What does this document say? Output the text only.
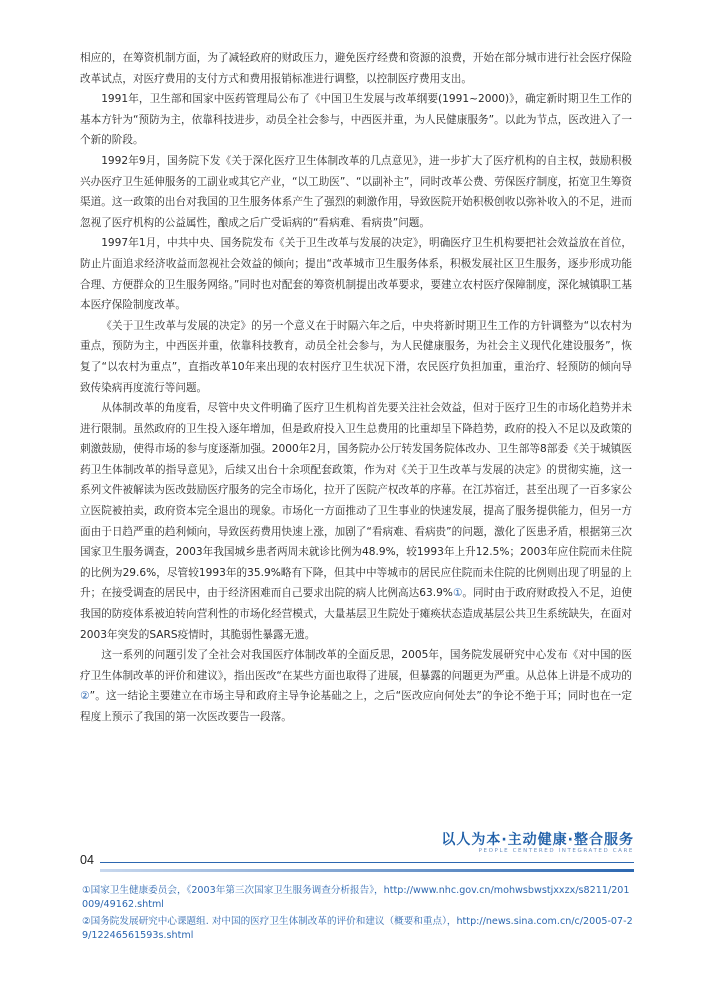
相应的，在筹资机制方面，为了减轻政府的财政压力，避免医疗经费和资源的浪费，开始在部分城市进行社会医疗保险改革试点，对医疗费用的支付方式和费用报销标准进行调整，以控制医疗费用支出。

1991年，卫生部和国家中医药管理局公布了《中国卫生发展与改革纲要(1991~2000)》，确定新时期卫生工作的基本方针为“预防为主，依靠科技进步，动员全社会参与，中西医并重，为人民健康服务”。以此为节点，医改进入了一个新的阶段。

1992年9月，国务院下发《关于深化医疗卫生体制改革的几点意见》，进一步扩大了医疗机构的自主权，鼓励积极兴办医疗卫生延伸服务的工副业或其它产业，“以工助医”、“以副补主”，同时改革公费、劳保医疗制度，拓宽卫生筹资渠道。这一政策的出台对我国的卫生服务体系产生了强烈的刺激作用，导致医院开始积极创收以弥补收入的不足，进而忽视了医疗机构的公益属性，酿成之后广受诟病的“看病难、看病贵”问题。

1997年1月，中共中央、国务院发布《关于卫生改革与发展的决定》，明确医疗卫生机构要把社会效益放在首位，防止片面追求经济收益而忽视社会效益的倾向；提出“改革城市卫生服务体系，积极发展社区卫生服务，逐步形成功能合理、方便群众的卫生服务网络。”同时也对配套的筹资机制提出改革要求，要建立农村医疗保障制度，深化城镇职工基本医疗保险制度改革。

《关于卫生改革与发展的决定》的另一个意义在于时隔六年之后，中央将新时期卫生工作的方针调整为“以农村为重点，预防为主，中西医并重，依靠科技教育，动员全社会参与，为人民健康服务，为社会主义现代化建设服务”，恢复了“以农村为重点”，直指改革10年来出现的农村医疗卫生状况下滑，农民医疗负担加重，重治疗、轻预防的倾向导致传染病再度流行等问题。

从体制改革的角度看，尽管中央文件明确了医疗卫生机构首先要关注社会效益，但对于医疗卫生的市场化趋势并未进行限制。虽然政府的卫生投入逐年增加，但是政府投入卫生总费用的比重却呈下降趋势，政府的投入不足以及政策的刺激鼓励，使得市场的参与度逐渐加强。2000年2月，国务院办公厅转发国务院体改办、卫生部等8部委《关于城镇医药卫生体制改革的指导意见》，后续又出台十余项配套政策，作为对《关于卫生改革与发展的决定》的贯彻实施，这一系列文件被解读为医改鼓励医疗服务的完全市场化，拉开了医院产权改革的序幕。在江苏宿迁，甚至出现了一百多家公立医院被拍卖，政府资本完全退出的现象。市场化一方面推动了卫生事业的快速发展，提高了服务提供能力，但另一方面由于日趋严重的趋利倾向，导致医药费用快速上涨，加剧了“看病难、看病贵”的问题，激化了医患矛盾，根据第三次国家卫生服务调查，2003年我国城乡患者两周未就诊比例为48.9%，较1993年上升12.5%；2003年应住院而未住院的比例为29.6%，尽管较1993年的35.9%略有下降，但其中中等城市的居民应住院而未住院的比例则出现了明显的上升；在接受调查的居民中，由于经济困难而自己要求出院的病人比例高达63.9%①。同时由于政府财政投入不足，迫使我国的防疫体系被迫转向营利性的市场化经营模式，大量基层卫生院处于瘫痪状态造成基层公共卫生系统缺失，在面对2003年突发的SARS疫情时，其脆弱性暴露无遗。

这一系列的问题引发了全社会对我国医疗体制改革的全面反思，2005年，国务院发展研究中心发布《对中国的医疗卫生体制改革的评价和建议》，指出医改“在某些方面也取得了进展，但暴露的问题更为严重。从总体上讲是不成功的②”。这一结论主要建立在市场主导和政府主导争论基础之上，之后“医改应向何处去”的争论不绝于耳；同时也在一定程度上预示了我国的第一次医改要告一段落。

以人为本·主动健康·整合服务
PEOPLE CENTERED INTEGRATED CARE
04

①国家卫生健康委员会，《2003年第三次国家卫生服务调查分析报告》，http://www.nhc.gov.cn/mohwsbwstjxxzx/s8211/201009/49162.shtml

②国务院发展研究中心课题组. 对中国的医疗卫生体制改革的评价和建议（概要和重点），http://news.sina.com.cn/c/2005-07-29/12246561593s.shtml
